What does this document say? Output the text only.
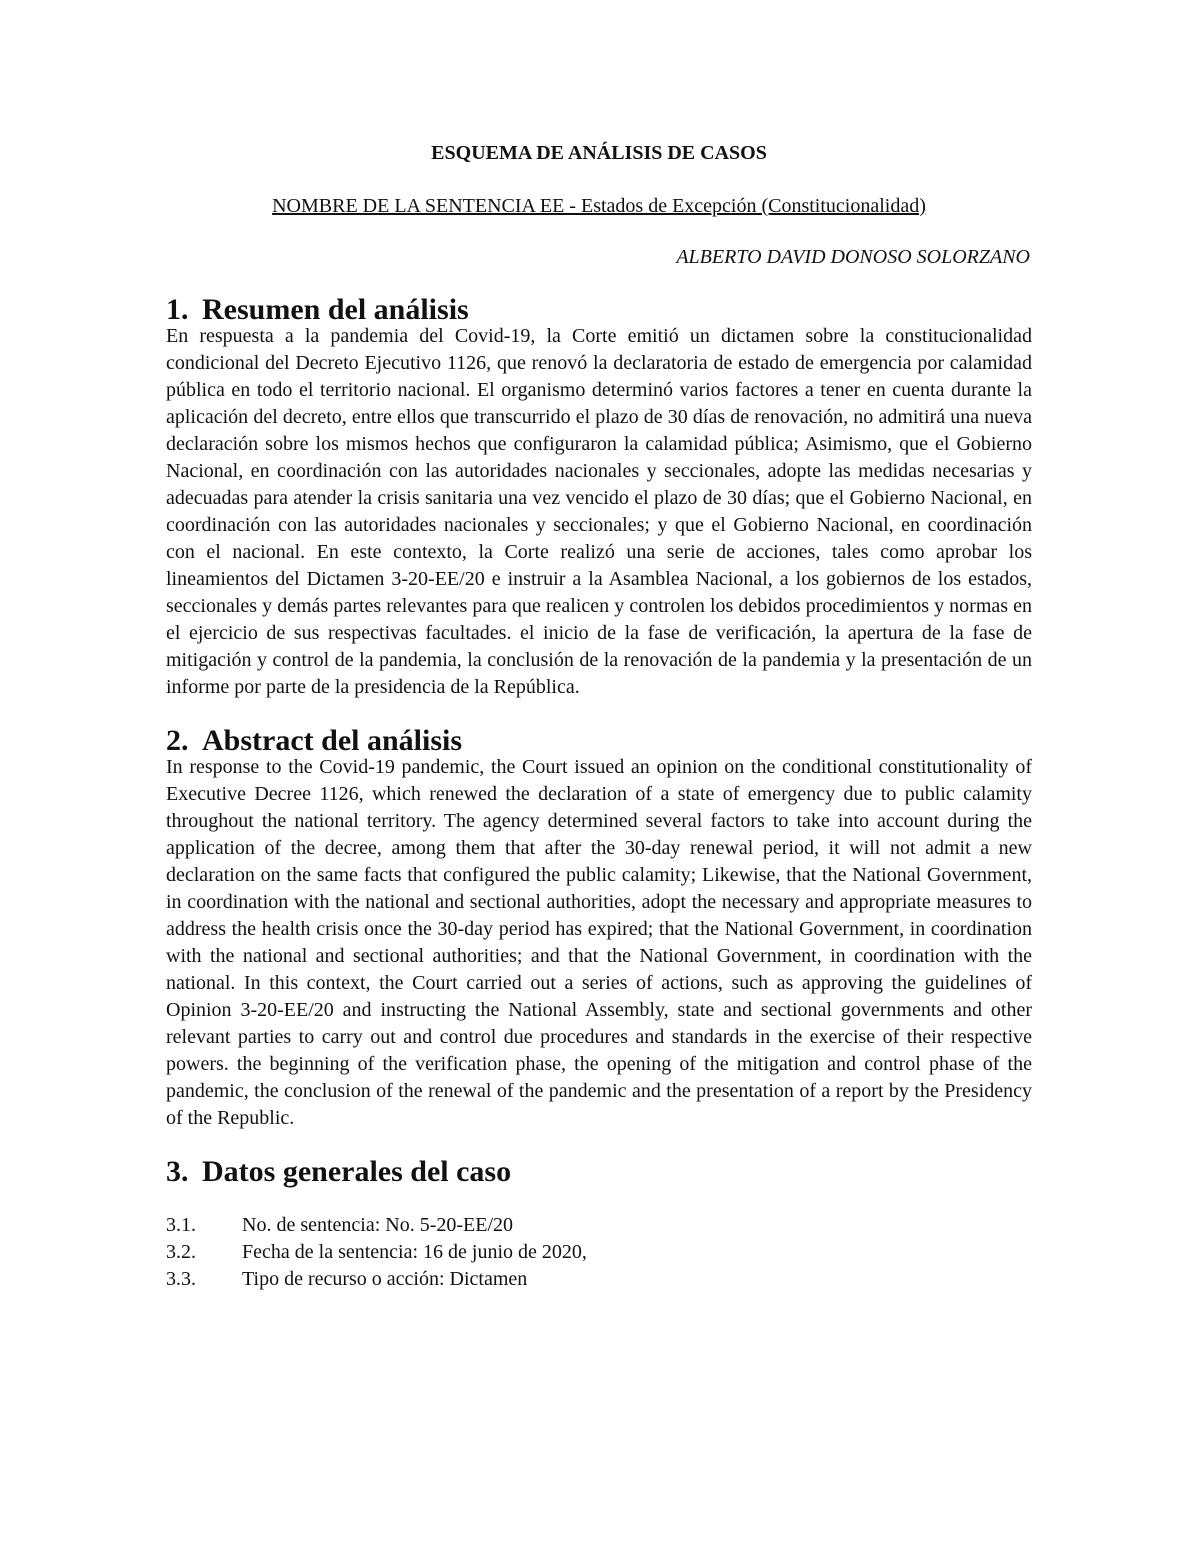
ESQUEMA DE ANÁLISIS DE CASOS

NOMBRE DE LA SENTENCIA EE - Estados de Excepción (Constitucionalidad)

ALBERTO DAVID DONOSO SOLORZANO

1. Resumen del análisis

En respuesta a la pandemia del Covid-19, la Corte emitió un dictamen sobre la constitucionalidad condicional del Decreto Ejecutivo 1126, que renovó la declaratoria de estado de emergencia por calamidad pública en todo el territorio nacional. El organismo determinó varios factores a tener en cuenta durante la aplicación del decreto, entre ellos que transcurrido el plazo de 30 días de renovación, no admitirá una nueva declaración sobre los mismos hechos que configuraron la calamidad pública; Asimismo, que el Gobierno Nacional, en coordinación con las autoridades nacionales y seccionales, adopte las medidas necesarias y adecuadas para atender la crisis sanitaria una vez vencido el plazo de 30 días; que el Gobierno Nacional, en coordinación con las autoridades nacionales y seccionales; y que el Gobierno Nacional, en coordinación con el nacional. En este contexto, la Corte realizó una serie de acciones, tales como aprobar los lineamientos del Dictamen 3-20-EE/20 e instruir a la Asamblea Nacional, a los gobiernos de los estados, seccionales y demás partes relevantes para que realicen y controlen los debidos procedimientos y normas en el ejercicio de sus respectivas facultades. el inicio de la fase de verificación, la apertura de la fase de mitigación y control de la pandemia, la conclusión de la renovación de la pandemia y la presentación de un informe por parte de la presidencia de la República.

2. Abstract del análisis

In response to the Covid-19 pandemic, the Court issued an opinion on the conditional constitutionality of Executive Decree 1126, which renewed the declaration of a state of emergency due to public calamity throughout the national territory. The agency determined several factors to take into account during the application of the decree, among them that after the 30-day renewal period, it will not admit a new declaration on the same facts that configured the public calamity; Likewise, that the National Government, in coordination with the national and sectional authorities, adopt the necessary and appropriate measures to address the health crisis once the 30-day period has expired; that the National Government, in coordination with the national and sectional authorities; and that the National Government, in coordination with the national. In this context, the Court carried out a series of actions, such as approving the guidelines of Opinion 3-20-EE/20 and instructing the National Assembly, state and sectional governments and other relevant parties to carry out and control due procedures and standards in the exercise of their respective powers. the beginning of the verification phase, the opening of the mitigation and control phase of the pandemic, the conclusion of the renewal of the pandemic and the presentation of a report by the Presidency of the Republic.

3. Datos generales del caso
3.1.	No. de sentencia: No. 5-20-EE/20
3.2.	Fecha de la sentencia: 16 de junio de 2020,
3.3.	Tipo de recurso o acción: Dictamen
